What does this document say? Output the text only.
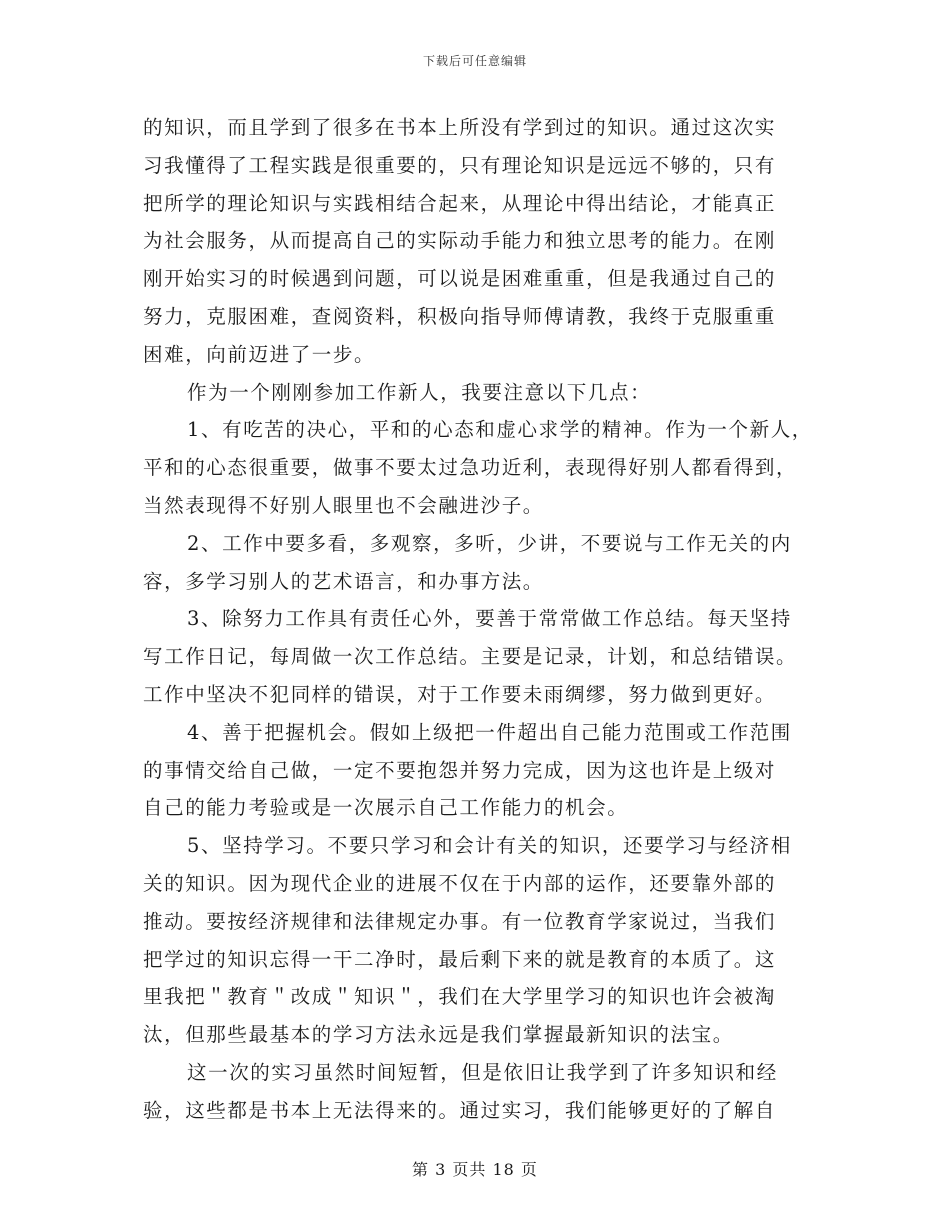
下载后可任意编辑
的知识，而且学到了很多在书本上所没有学到过的知识。通过这次实
习我懂得了工程实践是很重要的，只有理论知识是远远不够的，只有
把所学的理论知识与实践相结合起来，从理论中得出结论，才能真正
为社会服务，从而提高自己的实际动手能力和独立思考的能力。在刚
刚开始实习的时候遇到问题，可以说是困难重重，但是我通过自己的
努力，克服困难，查阅资料，积极向指导师傅请教，我终于克服重重
困难，向前迈进了一步。
作为一个刚刚参加工作新人，我要注意以下几点：
1、有吃苦的决心，平和的心态和虚心求学的精神。作为一个新人，
平和的心态很重要，做事不要太过急功近利，表现得好别人都看得到，
当然表现得不好别人眼里也不会融进沙子。
2、工作中要多看，多观察，多听，少讲，不要说与工作无关的内
容，多学习别人的艺术语言，和办事方法。
3、除努力工作具有责任心外，要善于常常做工作总结。每天坚持
写工作日记，每周做一次工作总结。主要是记录，计划，和总结错误。
工作中坚决不犯同样的错误，对于工作要未雨绸缪，努力做到更好。
4、善于把握机会。假如上级把一件超出自己能力范围或工作范围
的事情交给自己做，一定不要抱怨并努力完成，因为这也许是上级对
自己的能力考验或是一次展示自己工作能力的机会。
5、坚持学习。不要只学习和会计有关的知识，还要学习与经济相
关的知识。因为现代企业的进展不仅在于内部的运作，还要靠外部的
推动。要按经济规律和法律规定办事。有一位教育学家说过，当我们
把学过的知识忘得一干二净时，最后剩下来的就是教育的本质了。这
里我把＂教育＂改成＂知识＂，我们在大学里学习的知识也许会被淘
汰，但那些最基本的学习方法永远是我们掌握最新知识的法宝。
这一次的实习虽然时间短暂，但是依旧让我学到了许多知识和经
验，这些都是书本上无法得来的。通过实习，我们能够更好的了解自
第 3 页共 18 页
